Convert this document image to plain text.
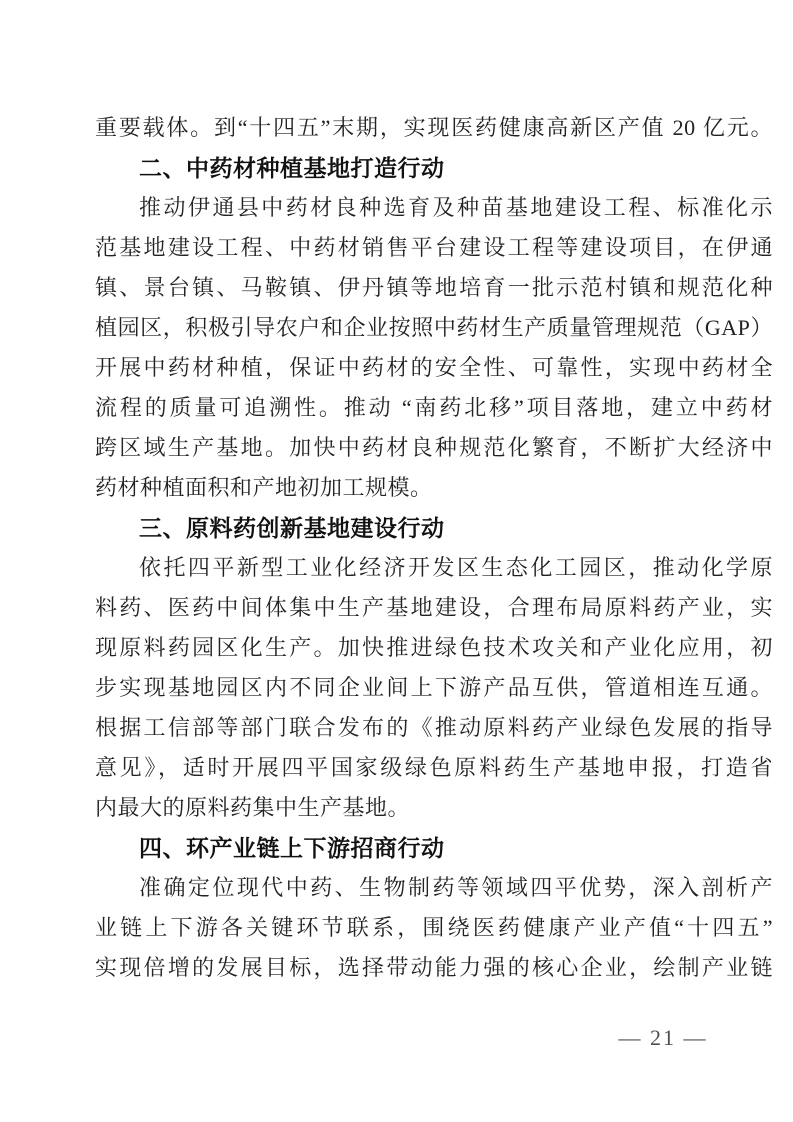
重要载体。到“十四五”末期，实现医药健康高新区产值 20 亿元。
二、中药材种植基地打造行动
推动伊通县中药材良种选育及种苗基地建设工程、标准化示
范基地建设工程、中药材销售平台建设工程等建设项目，在伊通
镇、景台镇、马鞍镇、伊丹镇等地培育一批示范村镇和规范化种
植园区，积极引导农户和企业按照中药材生产质量管理规范（GAP）
开展中药材种植，保证中药材的安全性、可靠性，实现中药材全
流程的质量可追溯性。推动 “南药北移”项目落地，建立中药材
跨区域生产基地。加快中药材良种规范化繁育，不断扩大经济中
药材种植面积和产地初加工规模。
三、原料药创新基地建设行动
依托四平新型工业化经济开发区生态化工园区，推动化学原
料药、医药中间体集中生产基地建设，合理布局原料药产业，实
现原料药园区化生产。加快推进绿色技术攻关和产业化应用，初
步实现基地园区内不同企业间上下游产品互供，管道相连互通。
根据工信部等部门联合发布的《推动原料药产业绿色发展的指导
意见》，适时开展四平国家级绿色原料药生产基地申报，打造省
内最大的原料药集中生产基地。
四、环产业链上下游招商行动
准确定位现代中药、生物制药等领域四平优势，深入剖析产
业链上下游各关键环节联系，围绕医药健康产业产值“十四五”
实现倍增的发展目标，选择带动能力强的核心企业，绘制产业链
— 21 —
